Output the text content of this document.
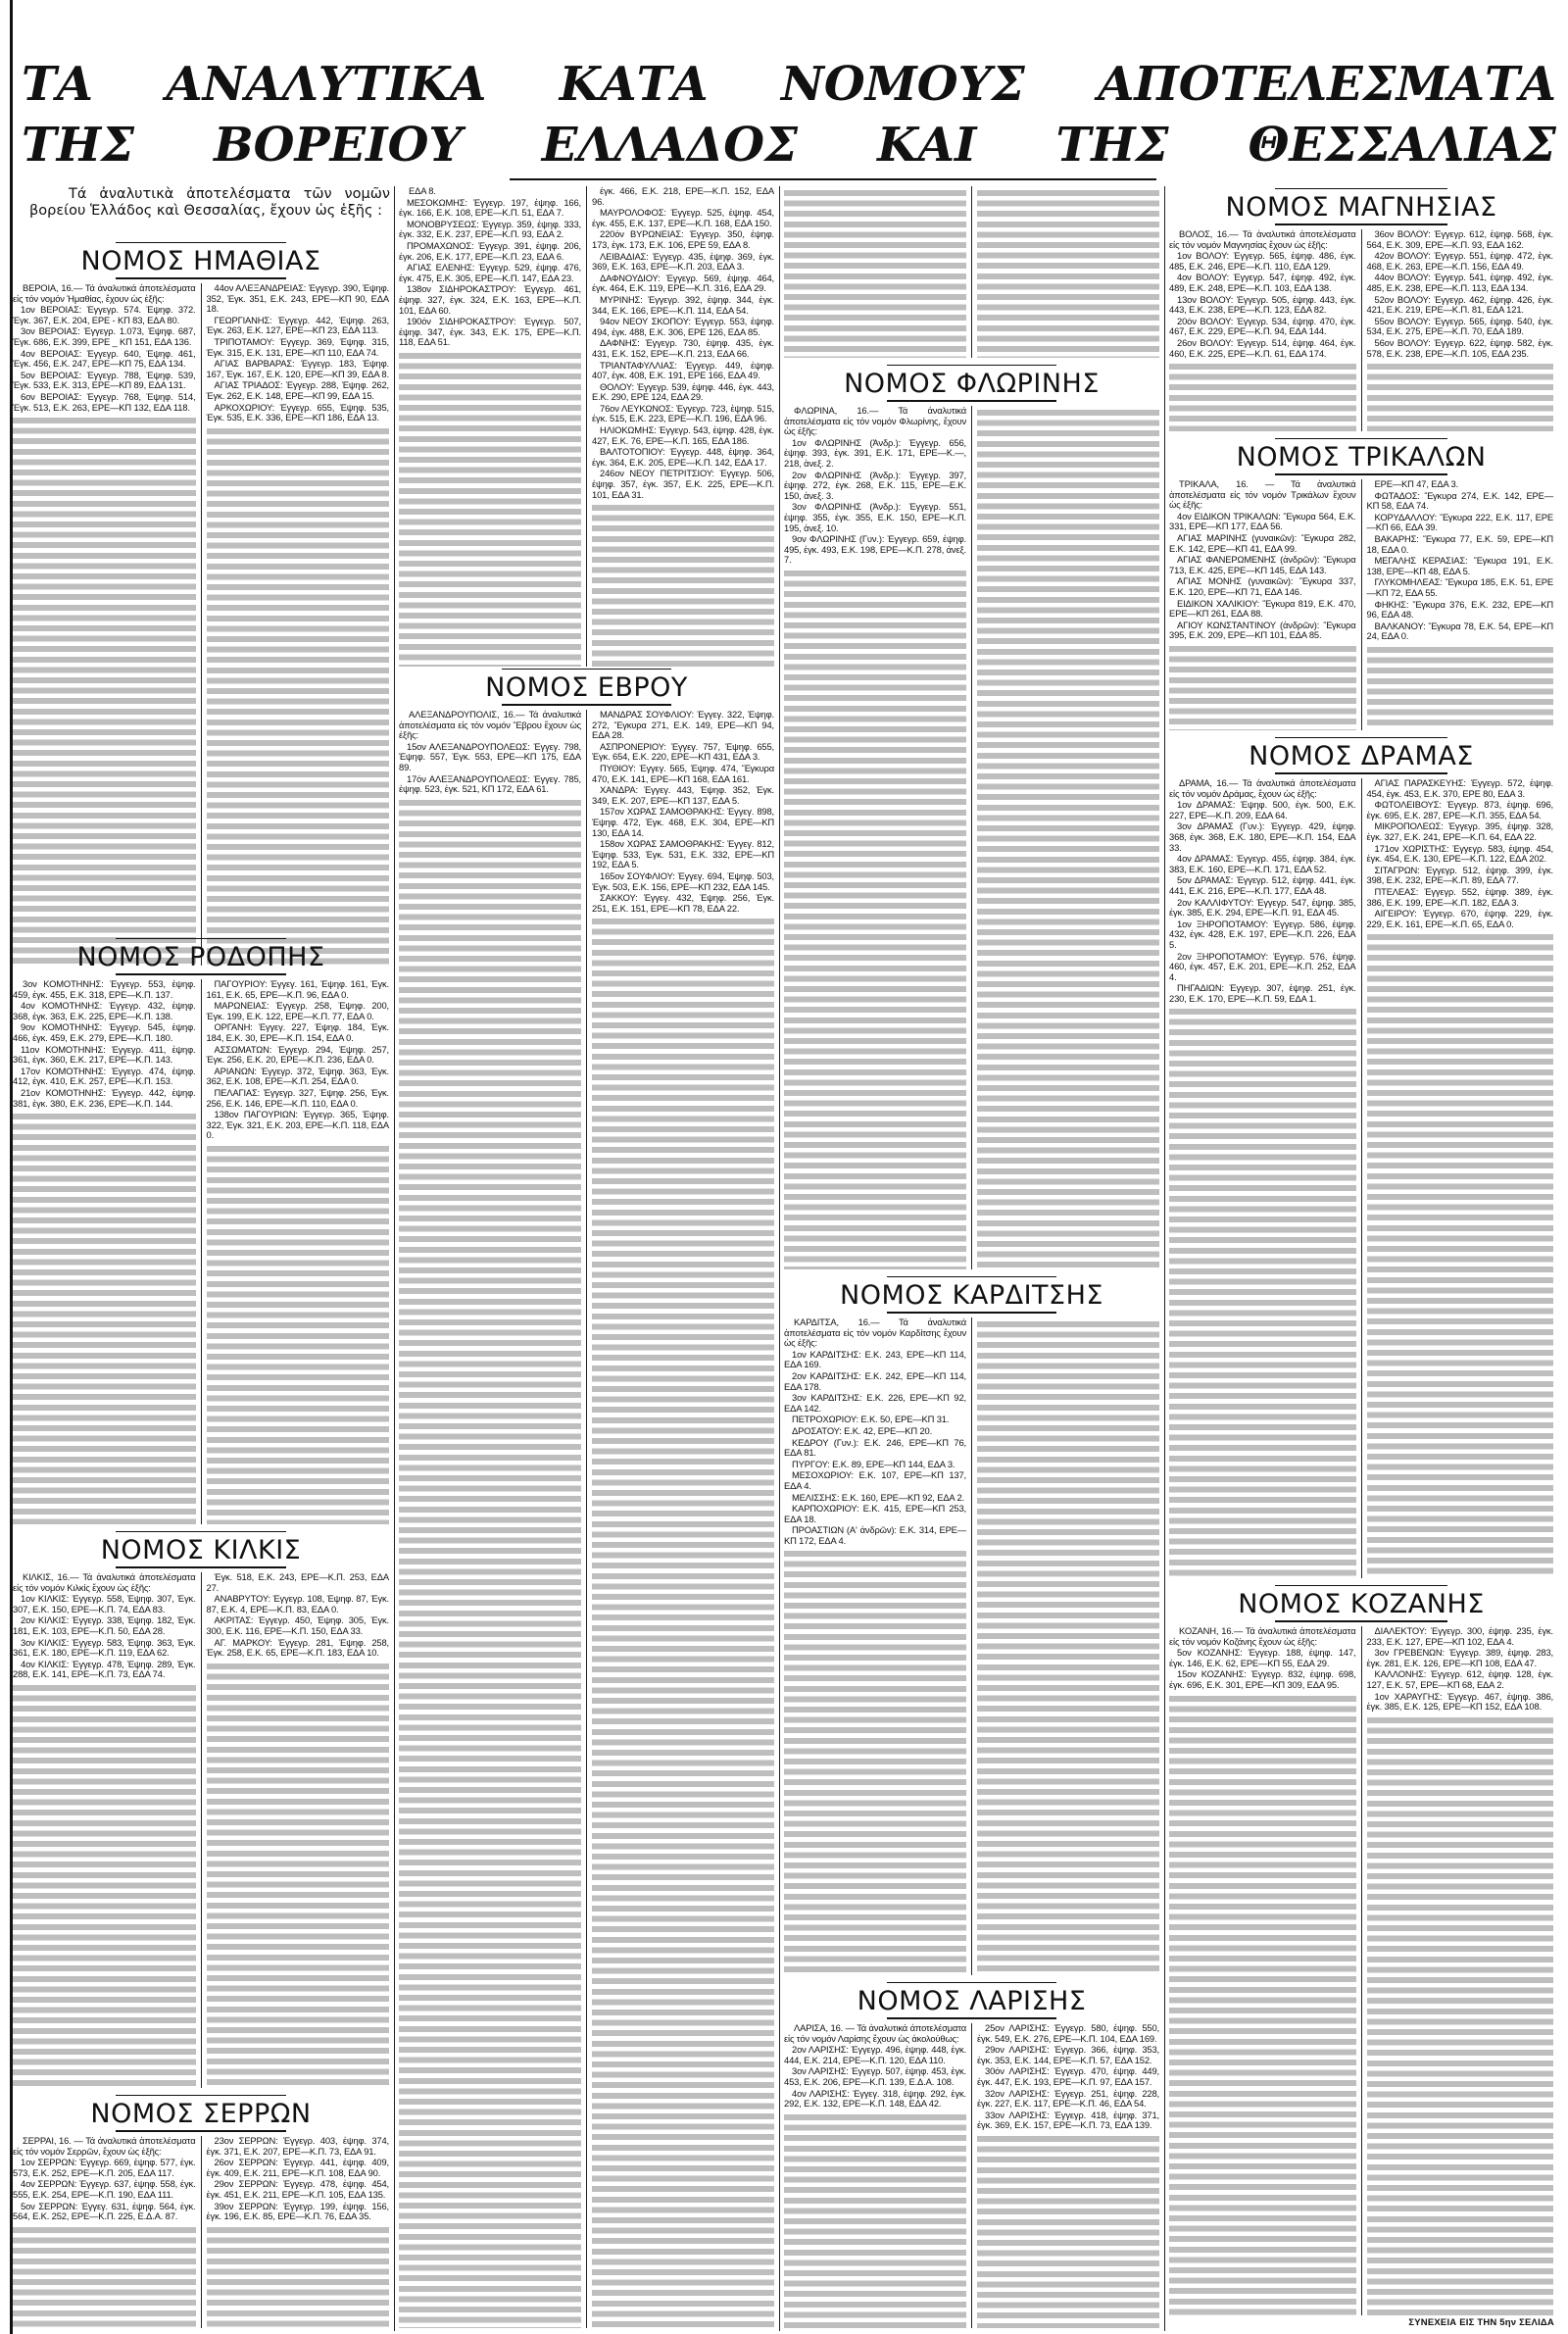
ΤΑ ΑΝΑΛΥΤΙΚΑ ΚΑΤΑ ΝΟΜΟΥΣ ΑΠΟΤΕΛΕΣΜΑΤΑ
ΤΗΣ ΒΟΡΕΙΟΥ ΕΛΛΑΔΟΣ ΚΑΙ ΤΗΣ ΘΕΣΣΑΛΙΑΣ
Τά ἀναλυτικὰ ἀποτελέσματα τῶν νομῶν βορείου Ἑλλάδος καὶ Θεσσαλίας, ἔχουν ὡς ἑξῆς :
ΝΟΜΟΣ ΗΜΑΘΙΑΣ

ΒΕΡΟΙΑ, 16.— Τά ἀναλυτικά ἀποτελέσματα εἰς τόν νομόν Ἡμαθίας, ἔχουν ὡς ἑξῆς:

1ον ΒΕΡΟΙΑΣ: Ἐγγεγρ. 574. Ἐψηφ. 372. Ἐγκ. 367, Ε.Κ. 204, ΕΡΕ - ΚΠ 83, ΕΔΑ 80.

3ον ΒΕΡΟΙΑΣ: Ἐγγεγρ. 1.073, Ἐψηφ. 687, Ἐγκ. 686, Ε.Κ. 399, ΕΡΕ _ ΚΠ 151, ΕΔΑ 136.

4ον ΒΕΡΟΙΑΣ: Ἐγγεγρ. 640, Ἐψηφ. 461, Ἐγκ. 456, Ε.Κ. 247, ΕΡΕ—ΚΠ 75, ΕΔΑ 134.

5ον ΒΕΡΟΙΑΣ: Ἐγγεγρ. 788, Ἐψηφ. 539, Ἐγκ. 533, Ε.Κ. 313, ΕΡΕ—ΚΠ 89, ΕΔΑ 131.

6ον ΒΕΡΟΙΑΣ: Ἐγγεγρ. 768, Ἐψηφ. 514, Ἐγκ. 513, Ε.Κ. 263, ΕΡΕ—ΚΠ 132, ΕΔΑ 118.

44ον ΑΛΕΞΑΝΔΡΕΙΑΣ: Ἐγγεγρ. 390, Ἐψηφ. 352, Ἐγκ. 351, Ε.Κ. 243, ΕΡΕ—ΚΠ 90, ΕΔΑ 18.

ΓΕΩΡΓΙΑΝΗΣ: Ἐγγεγρ. 442, Ἐψηφ. 263, Ἐγκ. 263, Ε.Κ. 127, ΕΡΕ—ΚΠ 23, ΕΔΑ 113.

ΤΡΙΠΟΤΑΜΟΥ: Ἐγγεγρ. 369, Ἐψηφ. 315, Ἐγκ. 315, Ε.Κ. 131, ΕΡΕ—ΚΠ 110, ΕΔΑ 74.

ΑΓΙΑΣ ΒΑΡΒΑΡΑΣ: Ἐγγεγρ. 183, Ἐψηφ. 167, Ἐγκ. 167, Ε.Κ. 120, ΕΡΕ—ΚΠ 39, ΕΔΑ 8.

ΑΓΙΑΣ ΤΡΙΑΔΟΣ: Ἐγγεγρ. 288, Ἐψηφ. 262, Ἐγκ. 262, Ε.Κ. 148, ΕΡΕ—ΚΠ 99, ΕΔΑ 15.

ΑΡΚΟΧΩΡΙΟΥ: Ἐγγεγρ. 655, Ἐψηφ. 535, Ἐγκ. 535, Ε.Κ. 336, ΕΡΕ—ΚΠ 186, ΕΔΑ 13.

ΝΟΜΟΣ ΡΟΔΟΠΗΣ

3ον ΚΟΜΟΤΗΝΗΣ: Ἐγγεγρ. 553, ἐψηφ. 459, ἐγκ. 455, Ε.Κ. 318, ΕΡΕ—Κ.Π. 137.

4ον ΚΟΜΟΤΗΝΗΣ: Ἐγγεγρ. 432, ἐψηφ. 368, ἐγκ. 363, Ε.Κ. 225, ΕΡΕ—Κ.Π. 138.

9ον ΚΟΜΟΤΗΝΗΣ: Ἐγγεγρ. 545, ἐψηφ. 466, ἐγκ. 459, Ε.Κ. 279, ΕΡΕ—Κ.Π. 180.

11ον ΚΟΜΟΤΗΝΗΣ: Ἐγγεγρ. 411, ἐψηφ. 361, ἐγκ. 360, Ε.Κ. 217, ΕΡΕ—Κ.Π. 143.

17ον ΚΟΜΟΤΗΝΗΣ: Ἐγγεγρ. 474, ἐψηφ. 412, ἐγκ. 410, Ε.Κ. 257, ΕΡΕ—Κ.Π. 153.

21ον ΚΟΜΟΤΗΝΗΣ: Ἐγγεγρ. 442, ἐψηφ. 381, ἐγκ. 380, Ε.Κ. 236, ΕΡΕ—Κ.Π. 144.

ΠΑΓΟΥΡΙΟΥ: Ἐγγεγ. 161, Ἐψηφ. 161, Ἐγκ. 161, Ε.Κ. 65, ΕΡΕ—Κ.Π. 96, ΕΔΑ 0.

ΜΑΡΩΝΕΙΑΣ: Ἐγγεγρ. 258, Ἐψηφ. 200, Ἐγκ. 199, Ε.Κ. 122, ΕΡΕ—Κ.Π. 77, ΕΔΑ 0.

ΟΡΓΑΝΗ: Ἐγγεγ. 227, Ἐψηφ. 184, Ἐγκ. 184, Ε.Κ. 30, ΕΡΕ—Κ.Π. 154, ΕΔΑ 0.

ΑΣΣΩΜΑΤΩΝ: Ἐγγεγρ. 294, Ἐψηφ. 257, Ἐγκ. 256, Ε.Κ. 20, ΕΡΕ—Κ.Π. 236, ΕΔΑ 0.

ΑΡΙΑΝΩΝ: Ἐγγεγρ. 372, Ἐψηφ. 363, Ἐγκ. 362, Ε.Κ. 108, ΕΡΕ—Κ.Π. 254, ΕΔΑ 0.

ΠΕΛΑΓΙΑΣ: Ἐγγεγρ. 327, Ἐψηφ. 256, Ἐγκ. 256, Ε.Κ. 146, ΕΡΕ—Κ.Π. 110, ΕΔΑ 0.

138ον ΠΑΓΟΥΡΙΩΝ: Ἐγγεγρ. 365, Ἐψηφ. 322, Ἐγκ. 321, Ε.Κ. 203, ΕΡΕ—Κ.Π. 118, ΕΔΑ 0.

ΝΟΜΟΣ ΚΙΛΚΙΣ

ΚΙΛΚΙΣ, 16.— Τά ἀναλυτικά ἀποτελέσματα εἰς τόν νομόν Κιλκίς ἔχουν ὡς ἑξῆς:

1ον ΚΙΛΚΙΣ: Ἐγγεγρ. 558, Ἐψηφ. 307, Ἐγκ. 307, Ε.Κ. 150, ΕΡΕ—Κ.Π. 74, ΕΔΑ 83.

2ον ΚΙΛΚΙΣ: Ἐγγεγρ. 338, Ἐψηφ. 182, Ἐγκ. 181, Ε.Κ. 103, ΕΡΕ—Κ.Π. 50, ΕΔΑ 28.

3ον ΚΙΛΚΙΣ: Ἐγγεγρ. 583, Ἐψηφ. 363, Ἐγκ. 361, Ε.Κ. 180, ΕΡΕ—Κ.Π. 119, ΕΔΑ 62.

4ον ΚΙΛΚΙΣ: Ἐγγεγρ. 478, Ἐψηφ. 289, Ἐγκ. 288, Ε.Κ. 141, ΕΡΕ—Κ.Π. 73, ΕΔΑ 74.

Ἐγκ. 518, Ε.Κ. 243, ΕΡΕ—Κ.Π. 253, ΕΔΑ 27.

ΑΝΑΒΡΥΤΟΥ: Ἐγγεγρ. 108, Ἐψηφ. 87, Ἐγκ. 87, Ε.Κ. 4, ΕΡΕ—Κ.Π. 83, ΕΔΑ 0.

ΑΚΡΙΤΑΣ: Ἐγγεγρ. 450, Ἐψηφ. 305, Ἐγκ. 300, Ε.Κ. 116, ΕΡΕ—Κ.Π. 150, ΕΔΑ 33.

ΑΓ. ΜΑΡΚΟΥ: Ἐγγεγρ. 281, Ἐψηφ. 258, Ἐγκ. 258, Ε.Κ. 65, ΕΡΕ—Κ.Π. 183, ΕΔΑ 10.

ΝΟΜΟΣ ΣΕΡΡΩΝ

ΣΕΡΡΑΙ, 16. — Τά ἀναλυτικά ἀποτελέσματα εἰς τόν νομόν Σερρῶν, ἔχουν ὡς ἑξῆς:

1ον ΣΕΡΡΩΝ: Ἐγγεγρ. 669, ἐψηφ. 577, ἐγκ. 573, Ε.Κ. 252, ΕΡΕ—Κ.Π. 205, ΕΔΑ 117.

4ον ΣΕΡΡΩΝ: Ἐγγεγρ. 637, ἐψηφ. 558, ἐγκ. 555, Ε.Κ. 254, ΕΡΕ—Κ.Π. 190, ΕΔΑ 111.

5ον ΣΕΡΡΩΝ: Ἐγγεγ. 631, ἐψηφ. 564, ἐγκ. 564, Ε.Κ. 252, ΕΡΕ—Κ.Π. 225, Ε.Δ.Α. 87.

23ον ΣΕΡΡΩΝ: Ἐγγεγρ. 403, ἐψηφ. 374, ἐγκ. 371, Ε.Κ. 207, ΕΡΕ—Κ.Π. 73, ΕΔΑ 91.

26ον ΣΕΡΡΩΝ: Ἐγγεγρ. 441, ἐψηφ. 409, ἐγκ. 409, Ε.Κ. 211, ΕΡΕ—Κ.Π. 108, ΕΔΑ 90.

29ον ΣΕΡΡΩΝ: Ἐγγεγρ. 478, ἐψηφ. 454, ἐγκ. 451, Ε.Κ. 211, ΕΡΕ—Κ.Π. 105, ΕΔΑ 135.

39ον ΣΕΡΡΩΝ: Ἐγγεγρ. 199, ἐψηφ. 156, ἐγκ. 196, Ε.Κ. 85, ΕΡΕ—Κ.Π. 76, ΕΔΑ 35.

ΕΔΑ 8.

ΜΕΣΟΚΩΜΗΣ: Ἐγγεγρ. 197, ἐψηφ. 166, ἐγκ. 166, Ε.Κ. 108, ΕΡΕ—Κ.Π. 51, ΕΔΑ 7.

ΜΟΝΟΒΡΥΣΕΩΣ: Ἐγγεγρ. 359, ἐψηφ. 333, ἐγκ. 332, Ε.Κ. 237, ΕΡΕ—Κ.Π. 93, ΕΔΑ 2.

ΠΡΟΜΑΧΩΝΟΣ: Ἐγγεγρ. 391, ἐψηφ. 206, ἐγκ. 206, Ε.Κ. 177, ΕΡΕ—Κ.Π. 23, ΕΔΑ 6.

ΑΓΙΑΣ ΕΛΕΝΗΣ: Ἐγγεγρ. 529, ἐψηφ. 476, ἐγκ. 475, Ε.Κ. 305, ΕΡΕ—Κ.Π. 147, ΕΔΑ 23.

138ον ΣΙΔΗΡΟΚΑΣΤΡΟΥ: Ἐγγεγρ. 461, ἐψηφ. 327, ἐγκ. 324, Ε.Κ. 163, ΕΡΕ—Κ.Π. 101, ΕΔΑ 60.

190όν ΣΙΔΗΡΟΚΑΣΤΡΟΥ: Ἐγγεγρ. 507, ἐψηφ. 347, ἐγκ. 343, Ε.Κ. 175, ΕΡΕ—Κ.Π. 118, ΕΔΑ 51.

ἐγκ. 466, Ε.Κ. 218, ΕΡΕ—Κ.Π. 152, ΕΔΑ 96.

ΜΑΥΡΟΛΟΦΟΣ: Ἐγγεγρ. 525, ἐψηφ. 454, ἐγκ. 455, Ε.Κ. 137, ΕΡΕ—Κ.Π. 168, ΕΔΑ 150.

220όν ΒΥΡΩΝΕΙΑΣ: Ἐγγεγρ. 350, ἐψηφ. 173, ἐγκ. 173, Ε.Κ. 106, ΕΡΕ 59, ΕΔΑ 8.

ΛΕΙΒΑΔΙΑΣ: Ἐγγεγρ. 435, ἐψηφ. 369, ἐγκ. 369, Ε.Κ. 163, ΕΡΕ—Κ.Π. 203, ΕΔΑ 3.

ΔΑΦΝΟΥΔΙΟΥ: Ἐγγεγρ. 569, ἐψηφ. 464, ἐγκ. 464, Ε.Κ. 119, ΕΡΕ—Κ.Π. 316, ΕΔΑ 29.

ΜΥΡΙΝΗΣ: Ἐγγεγρ. 392, ἐψηφ. 344, ἐγκ. 344, Ε.Κ. 166, ΕΡΕ—Κ.Π. 114, ΕΔΑ 54.

94ον ΝΕΟΥ ΣΚΟΠΟΥ: Ἐγγεγρ. 553, ἐψηφ. 494, ἐγκ. 488, Ε.Κ. 306, ΕΡΕ 126, ΕΔΑ 85.

ΔΑΦΝΗΣ: Ἐγγεγρ. 730, ἐψηφ. 435, ἐγκ. 431, Ε.Κ. 152, ΕΡΕ—Κ.Π. 213, ΕΔΑ 66.

ΤΡΙΑΝΤΑΦΥΛΛΙΑΣ: Ἐγγεγρ. 449, ἐψηφ. 407, ἐγκ. 408, Ε.Κ. 191, ΕΡΕ 166, ΕΔΑ 49.

ΘΟΛΟΥ: Ἐγγεγρ. 539, ἐψηφ. 446, ἐγκ. 443, Ε.Κ. 290, ΕΡΕ 124, ΕΔΑ 29.

76ον ΛΕΥΚΩΝΟΣ: Ἐγγεγρ. 723, ἐψηφ. 515, ἐγκ. 515, Ε.Κ. 223, ΕΡΕ—Κ.Π. 196, ΕΔΑ 96.

ΗΛΙΟΚΩΜΗΣ: Ἐγγεγρ. 543, ἐψηφ. 428, ἐγκ. 427, Ε.Κ. 76, ΕΡΕ—Κ.Π. 165, ΕΔΑ 186.

ΒΑΛΤΟΤΟΠΙΟΥ: Ἐγγεγρ. 448, ἐψηφ. 364, ἐγκ. 364, Ε.Κ. 205, ΕΡΕ—Κ.Π. 142, ΕΔΑ 17.

246ον ΝΕΟΥ ΠΕΤΡΙΤΣΙΟΥ: Ἐγγεγρ. 506, ἐψηφ. 357, ἐγκ. 357, Ε.Κ. 225, ΕΡΕ—Κ.Π. 101, ΕΔΑ 31.

ΝΟΜΟΣ ΕΒΡΟΥ

ΑΛΕΞΑΝΔΡΟΥΠΟΛΙΣ, 16.— Τά ἀναλυτικά ἀποτελέσματα εἰς τόν νομόν Ἕβρου ἔχουν ὡς ἑξῆς:

15ον ΑΛΕΞΑΝΔΡΟΥΠΟΛΕΩΣ: Ἐγγεγ. 798, Ἐψηφ. 557, Ἐγκ. 553, ΕΡΕ—ΚΠ 175, ΕΔΑ 89.

17όν ΑΛΕΞΑΝΔΡΟΥΠΟΛΕΩΣ: Ἐγγεγ. 785, ἐψηφ. 523, ἐγκ. 521, ΚΠ 172, ΕΔΑ 61.

ΜΑΝΔΡΑΣ ΣΟΥΦΛΙΟΥ: Ἐγγεγ. 322, Ἐψηφ. 272, Ἔγκυρα 271, Ε.Κ. 149, ΕΡΕ—ΚΠ 94, ΕΔΑ 28.

ΑΣΠΡΟΝΕΡΙΟΥ: Ἐγγεγ. 757, Ἐψηφ. 655, Ἐγκ. 654, Ε.Κ. 220, ΕΡΕ—ΚΠ 431, ΕΔΑ 3.

ΠΥΘΙΟΥ: Ἐγγεγ. 565, Ἐψηφ. 474, Ἔγκυρα 470, Ε.Κ. 141, ΕΡΕ—ΚΠ 168, ΕΔΑ 161.

ΧΑΝΔΡΑ: Ἐγγεγ. 443, Ἐψηφ. 352, Ἐγκ. 349, Ε.Κ. 207, ΕΡΕ—ΚΠ 137, ΕΔΑ 5.

157ον ΧΩΡΑΣ ΣΑΜΟΘΡΑΚΗΣ: Ἐγγεγ. 898, Ἐψηφ. 472, Ἐγκ. 468, Ε.Κ. 304, ΕΡΕ—ΚΠ 130, ΕΔΑ 14.

158ον ΧΩΡΑΣ ΣΑΜΟΘΡΑΚΗΣ: Ἐγγεγ. 812, Ἐψηφ. 533, Ἐγκ. 531, Ε.Κ. 332, ΕΡΕ—ΚΠ 192, ΕΔΑ 5.

165ον ΣΟΥΦΛΙΟΥ: Ἐγγεγ. 694, Ἐψηφ. 503, Ἐγκ. 503, Ε.Κ. 156, ΕΡΕ—ΚΠ 232, ΕΔΑ 145.

ΣΑΚΚΟΥ: Ἐγγεγ. 432, Ἐψηφ. 256, Ἐγκ. 251, Ε.Κ. 151, ΕΡΕ—ΚΠ 78, ΕΔΑ 22.

ΝΟΜΟΣ ΦΛΩΡΙΝΗΣ

ΦΛΩΡΙΝΑ, 16.— Τά ἀναλυτικά ἀποτελέσματα εἰς τόν νομόν Φλωρίνης, ἔχουν ὡς ἑξῆς:

1ον ΦΛΩΡΙΝΗΣ (Ἀνδρ.): Ἐγγεγρ. 656, ἐψηφ. 393, ἐγκ. 391, Ε.Κ. 171, ΕΡΕ—Κ.—, 218, ἀνεξ. 2.

2ον ΦΛΩΡΙΝΗΣ (Ἀνδρ.): Ἐγγεγρ. 397, ἐψηφ. 272, ἐγκ. 268, Ε.Κ. 115, ΕΡΕ—Ε.Κ. 150, ἀνεξ. 3.

3ον ΦΛΩΡΙΝΗΣ (Ἀνδρ.): Ἐγγεγρ. 551, ἐψηφ. 355, ἐγκ. 355, Ε.Κ. 150, ΕΡΕ—Κ.Π. 195, ἀνεξ. 10.

9ον ΦΛΩΡΙΝΗΣ (Γυν.): Ἐγγεγρ. 659, ἐψηφ. 495, ἐγκ. 493, Ε.Κ. 198, ΕΡΕ—Κ.Π. 278, ἀνεξ. 7.

ΝΟΜΟΣ ΚΑΡΔΙΤΣΗΣ

ΚΑΡΔΙΤΣΑ, 16.— Τά ἀναλυτικά ἀποτελέσματα εἰς τόν νομόν Καρδίτσης ἔχουν ὡς ἑξῆς:

1ον ΚΑΡΔΙΤΣΗΣ: Ε.Κ. 243, ΕΡΕ—ΚΠ 114, ΕΔΑ 169.

2ον ΚΑΡΔΙΤΣΗΣ: Ε.Κ. 242, ΕΡΕ—ΚΠ 114, ΕΔΑ 178.

3ον ΚΑΡΔΙΤΣΗΣ: Ε.Κ. 226, ΕΡΕ—ΚΠ 92, ΕΔΑ 142.

ΠΕΤΡΟΧΩΡΙΟΥ: Ε.Κ. 50, ΕΡΕ—ΚΠ 31.

ΔΡΟΣΑΤΟΥ: Ε.Κ. 42, ΕΡΕ—ΚΠ 20.

ΚΕΔΡΟΥ (Γυν.): Ε.Κ. 246, ΕΡΕ—ΚΠ 76, ΕΔΑ 81.

ΠΥΡΓΟΥ: Ε.Κ. 89, ΕΡΕ—ΚΠ 144, ΕΔΑ 3.

ΜΕΣΟΧΩΡΙΟΥ: Ε.Κ. 107, ΕΡΕ—ΚΠ 137, ΕΔΑ 4.

ΜΕΛΙΣΣΗΣ: Ε.Κ. 160, ΕΡΕ—ΚΠ 92, ΕΔΑ 2.

ΚΑΡΠΟΧΩΡΙΟΥ: Ε.Κ. 415, ΕΡΕ—ΚΠ 253, ΕΔΑ 18.

ΠΡΟΑΣΤΙΩΝ (Α' ἀνδρῶν): Ε.Κ. 314, ΕΡΕ—ΚΠ 172, ΕΔΑ 4.

ΝΟΜΟΣ ΛΑΡΙΣΗΣ

ΛΑΡΙΣΑ, 16. — Τά ἀναλυτικά ἀποτελέσματα εἰς τόν νομόν Λαρίσης ἔχουν ὡς ἀκολούθως:

2ον ΛΑΡΙΣΗΣ: Ἐγγεγρ. 496, ἐψηφ. 448, ἐγκ. 444, Ε.Κ. 214, ΕΡΕ—Κ.Π. 120, ΕΔΑ 110.

3ον ΛΑΡΙΣΗΣ: Ἐγγεγρ. 507, ἐψηφ. 453, ἐγκ. 453, Ε.Κ. 206, ΕΡΕ—Κ.Π. 139, Ε.Δ.Α. 108.

4ον ΛΑΡΙΣΗΣ: Ἐγγεγ. 318, ἐψηφ. 292, ἐγκ. 292, Ε.Κ. 132, ΕΡΕ—Κ.Π. 148, ΕΔΑ 42.

25ον ΛΑΡΙΣΗΣ: Ἐγγεγρ. 580, ἐψηφ. 550, ἐγκ. 549, Ε.Κ. 276, ΕΡΕ—Κ.Π. 104, ΕΔΑ 169.

29ον ΛΑΡΙΣΗΣ: Ἐγγεγρ. 366, ἐψηφ. 353, ἐγκ. 353, Ε.Κ. 144, ΕΡΕ—Κ.Π. 57, ΕΔΑ 152.

30όν ΛΑΡΙΣΗΣ: Ἐγγεγρ. 470, ἐψηφ. 449, ἐγκ. 447, Ε.Κ. 193, ΕΡΕ—Κ.Π. 97, ΕΔΑ 157.

32ον ΛΑΡΙΣΗΣ: Ἐγγεγρ. 251, ἐψηφ. 228, ἐγκ. 227, Ε.Κ. 117, ΕΡΕ—Κ.Π. 46, ΕΔΑ 54.

33ον ΛΑΡΙΣΗΣ: Ἐγγεγρ. 418, ἐψηφ. 371, ἐγκ. 369, Ε.Κ. 157, ΕΡΕ—Κ.Π. 73, ΕΔΑ 139.

ΝΟΜΟΣ ΜΑΓΝΗΣΙΑΣ

ΒΟΛΟΣ, 16.— Τά ἀναλυτικά ἀποτελέσματα εἰς τόν νομόν Μαγνησίας ἔχουν ὡς ἑξῆς:

1ον ΒΟΛΟΥ: Ἐγγεγρ. 565, ἐψηφ. 486, ἐγκ. 485, Ε.Κ. 246, ΕΡΕ—Κ.Π. 110, ΕΔΑ 129.

4ον ΒΟΛΟΥ: Ἐγγεγρ. 547, ἐψηφ. 492, ἐγκ. 489, Ε.Κ. 248, ΕΡΕ—Κ.Π. 103, ΕΔΑ 138.

13ον ΒΟΛΟΥ: Ἐγγεγρ. 505, ἐψηφ. 443, ἐγκ. 443, Ε.Κ. 238, ΕΡΕ—Κ.Π. 123, ΕΔΑ 82.

20όν ΒΟΛΟΥ: Ἐγγεγρ. 534, ἐψηφ. 470, ἐγκ. 467, Ε.Κ. 229, ΕΡΕ—Κ.Π. 94, ΕΔΑ 144.

26ον ΒΟΛΟΥ: Ἐγγεγρ. 514, ἐψηφ. 464, ἐγκ. 460, Ε.Κ. 225, ΕΡΕ—Κ.Π. 61, ΕΔΑ 174.

36ον ΒΟΛΟΥ: Ἐγγεγρ. 612, ἐψηφ. 568, ἐγκ. 564, Ε.Κ. 309, ΕΡΕ—Κ.Π. 93, ΕΔΑ 162.

42ον ΒΟΛΟΥ: Ἐγγεγρ. 551, ἐψηφ. 472, ἐγκ. 468, Ε.Κ. 263, ΕΡΕ—Κ.Π. 156, ΕΔΑ 49.

44ον ΒΟΛΟΥ: Ἐγγεγρ. 541, ἐψηφ. 492, ἐγκ. 485, Ε.Κ. 238, ΕΡΕ—Κ.Π. 113, ΕΔΑ 134.

52ον ΒΟΛΟΥ: Ἐγγεγρ. 462, ἐψηφ. 426, ἐγκ. 421, Ε.Κ. 219, ΕΡΕ—Κ.Π. 81, ΕΔΑ 121.

55ον ΒΟΛΟΥ: Ἐγγεγρ. 565, ἐψηφ. 540, ἐγκ. 534, Ε.Κ. 275, ΕΡΕ—Κ.Π. 70, ΕΔΑ 189.

56ον ΒΟΛΟΥ: Ἐγγεγρ. 622, ἐψηφ. 582, ἐγκ. 578, Ε.Κ. 238, ΕΡΕ—Κ.Π. 105, ΕΔΑ 235.

ΝΟΜΟΣ ΤΡΙΚΑΛΩΝ

ΤΡΙΚΑΛΑ, 16. — Τά ἀναλυτικά ἀποτελέσματα εἰς τόν νομόν Τρικάλων ἔχουν ὡς ἑξῆς:

4ον ΕΙΔΙΚΟΝ ΤΡΙΚΑΛΩΝ: Ἔγκυρα 564, Ε.Κ. 331, ΕΡΕ—ΚΠ 177, ΕΔΑ 56.

ΑΓΙΑΣ ΜΑΡΙΝΗΣ (γυναικῶν): Ἔγκυρα 282, Ε.Κ. 142, ΕΡΕ—ΚΠ 41, ΕΔΑ 99.

ΑΓΙΑΣ ΦΑΝΕΡΩΜΕΝΗΣ (ἀνδρῶν): Ἔγκυρα 713, Ε.Κ. 425, ΕΡΕ—ΚΠ 145, ΕΔΑ 143.

ΑΓΙΑΣ ΜΟΝΗΣ (γυναικῶν): Ἔγκυρα 337, Ε.Κ. 120, ΕΡΕ—ΚΠ 71, ΕΔΑ 146.

ΕΙΔΙΚΟΝ ΧΑΛΙΚΙΟΥ: Ἔγκυρα 819, Ε.Κ. 470, ΕΡΕ—ΚΠ 261, ΕΔΑ 88.

ΑΓΙΟΥ ΚΩΝΣΤΑΝΤΙΝΟΥ (ἀνδρῶν): Ἔγκυρα 395, Ε.Κ. 209, ΕΡΕ—ΚΠ 101, ΕΔΑ 85.

ΕΡΕ—ΚΠ 47, ΕΔΑ 3.

ΦΩΤΑΔΟΣ: Ἔγκυρα 274, Ε.Κ. 142, ΕΡΕ—ΚΠ 58, ΕΔΑ 74.

ΚΟΡΥΔΑΛΛΟΥ: Ἔγκυρα 222, Ε.Κ. 117, ΕΡΕ—ΚΠ 66, ΕΔΑ 39.

ΒΑΚΑΡΗΣ: Ἔγκυρα 77, Ε.Κ. 59, ΕΡΕ—ΚΠ 18, ΕΔΑ 0.

ΜΕΓΑΛΗΣ ΚΕΡΑΣΙΑΣ: Ἔγκυρα 191, Ε.Κ. 138, ΕΡΕ—ΚΠ 48, ΕΔΑ 5.

ΓΛΥΚΟΜΗΛΕΑΣ: Ἔγκυρα 185, Ε.Κ. 51, ΕΡΕ—ΚΠ 72, ΕΔΑ 55.

ΦΗΚΗΣ: Ἔγκυρα 376, Ε.Κ. 232, ΕΡΕ—ΚΠ 96, ΕΔΑ 48.

ΒΑΛΚΑΝΟΥ: Ἔγκυρα 78, Ε.Κ. 54, ΕΡΕ—ΚΠ 24, ΕΔΑ 0.

ΝΟΜΟΣ ΔΡΑΜΑΣ

ΔΡΑΜΑ, 16.— Τά ἀναλυτικά ἀποτελέσματα εἰς τόν νομόν Δράμας, ἔχουν ὡς ἑξῆς:

1ον ΔΡΑΜΑΣ: Ἐψηφ. 500, ἐγκ. 500, Ε.Κ. 227, ΕΡΕ—Κ.Π. 209, ΕΔΑ 64.

3ον ΔΡΑΜΑΣ (Γυν.): Ἐγγεγρ. 429, ἐψηφ. 368, ἐγκ. 368, Ε.Κ. 180, ΕΡΕ—Κ.Π. 154, ΕΔΑ 33.

4ον ΔΡΑΜΑΣ: Ἐγγεγρ. 455, ἐψηφ. 384, ἐγκ. 383, Ε.Κ. 160, ΕΡΕ—Κ.Π. 171, ΕΔΑ 52.

5ον ΔΡΑΜΑΣ: Ἐγγεγρ. 512, ἐψηφ. 441, ἐγκ. 441, Ε.Κ. 216, ΕΡΕ—Κ.Π. 177, ΕΔΑ 48.

2ον ΚΑΛΛΙΦΥΤΟΥ: Ἐγγεγρ. 547, ἐψηφ. 385, ἐγκ. 385, Ε.Κ. 294, ΕΡΕ—Κ.Π. 91, ΕΔΑ 45.

1ον ΞΗΡΟΠΟΤΑΜΟΥ: Ἐγγεγρ. 586, ἐψηφ. 432, ἐγκ. 428, Ε.Κ. 197, ΕΡΕ—Κ.Π. 226, ΕΔΑ 5.

2ον ΞΗΡΟΠΟΤΑΜΟΥ: Ἐγγεγρ. 576, ἐψηφ. 460, ἐγκ. 457, Ε.Κ. 201, ΕΡΕ—Κ.Π. 252, ΕΔΑ 4.

ΠΗΓΑΔΙΩΝ: Ἐγγεγρ. 307, ἐψηφ. 251, ἐγκ. 230, Ε.Κ. 170, ΕΡΕ—Κ.Π. 59, ΕΔΑ 1.

ΑΓΙΑΣ ΠΑΡΑΣΚΕΥΗΣ: Ἐγγεγρ. 572, ἐψηφ. 454, ἐγκ. 453, Ε.Κ. 370, ΕΡΕ 80, ΕΔΑ 3.

ΦΩΤΟΛΕΙΒΟΥΣ: Ἐγγεγρ. 873, ἐψηφ. 696, ἐγκ. 695, Ε.Κ. 287, ΕΡΕ—Κ.Π. 355, ΕΔΑ 54.

ΜΙΚΡΟΠΟΛΕΩΣ: Ἐγγεγρ. 395, ἐψηφ. 328, ἐγκ. 327, Ε.Κ. 241, ΕΡΕ—Κ.Π. 64, ΕΔΑ 22.

171ον ΧΩΡΙΣΤΗΣ: Ἐγγεγρ. 583, ἐψηφ. 454, ἐγκ. 454, Ε.Κ. 130, ΕΡΕ—Κ.Π. 122, ΕΔΑ 202.

ΣΙΤΑΓΡΩΝ: Ἐγγεγρ. 512, ἐψηφ. 399, ἐγκ. 398, Ε.Κ. 232, ΕΡΕ—Κ.Π. 89, ΕΔΑ 77.

ΠΤΕΛΕΑΣ: Ἐγγεγρ. 552, ἐψηφ. 389, ἐγκ. 386, Ε.Κ. 199, ΕΡΕ—Κ.Π. 182, ΕΔΑ 3.

ΑΙΓΕΙΡΟΥ: Ἐγγεγρ. 670, ἐψηφ. 229, ἐγκ. 229, Ε.Κ. 161, ΕΡΕ—Κ.Π. 65, ΕΔΑ 0.

ΝΟΜΟΣ ΚΟΖΑΝΗΣ

ΚΟΖΑΝΗ, 16.— Τά ἀναλυτικά ἀποτελέσματα εἰς τόν νομόν Κοζάνης ἔχουν ὡς ἑξῆς:

5ον ΚΟΖΑΝΗΣ: Ἐγγεγρ. 188, ἐψηφ. 147, ἐγκ. 146, Ε.Κ. 62, ΕΡΕ—ΚΠ 55, ΕΔΑ 29.

15ον ΚΟΖΑΝΗΣ: Ἐγγεγρ. 832, ἐψηφ. 698, ἐγκ. 696, Ε.Κ. 301, ΕΡΕ—ΚΠ 309, ΕΔΑ 95.

ΔΙΑΛΕΚΤΟΥ: Ἐγγεγρ. 300, ἐψηφ. 235, ἐγκ. 233, Ε.Κ. 127, ΕΡΕ—ΚΠ 102, ΕΔΑ 4.

3ον ΓΡΕΒΕΝΩΝ: Ἐγγεγρ. 389, ἐψηφ. 283, ἐγκ. 281, Ε.Κ. 126, ΕΡΕ—ΚΠ 108, ΕΔΑ 47.

ΚΑΛΛΟΝΗΣ: Ἐγγεγρ. 612, ἐψηφ. 128, ἐγκ. 127, Ε.Κ. 57, ΕΡΕ—ΚΠ 68, ΕΔΑ 2.

1ον ΧΑΡΑΥΓΗΣ: Ἐγγεγρ. 467, ἐψηφ. 386, ἐγκ. 385, Ε.Κ. 125, ΕΡΕ—ΚΠ 152, ΕΔΑ 108.

ΣΥΝΕΧΕΙΑ ΕΙΣ ΤΗΝ 5ην ΣΕΛΙΔΑ
